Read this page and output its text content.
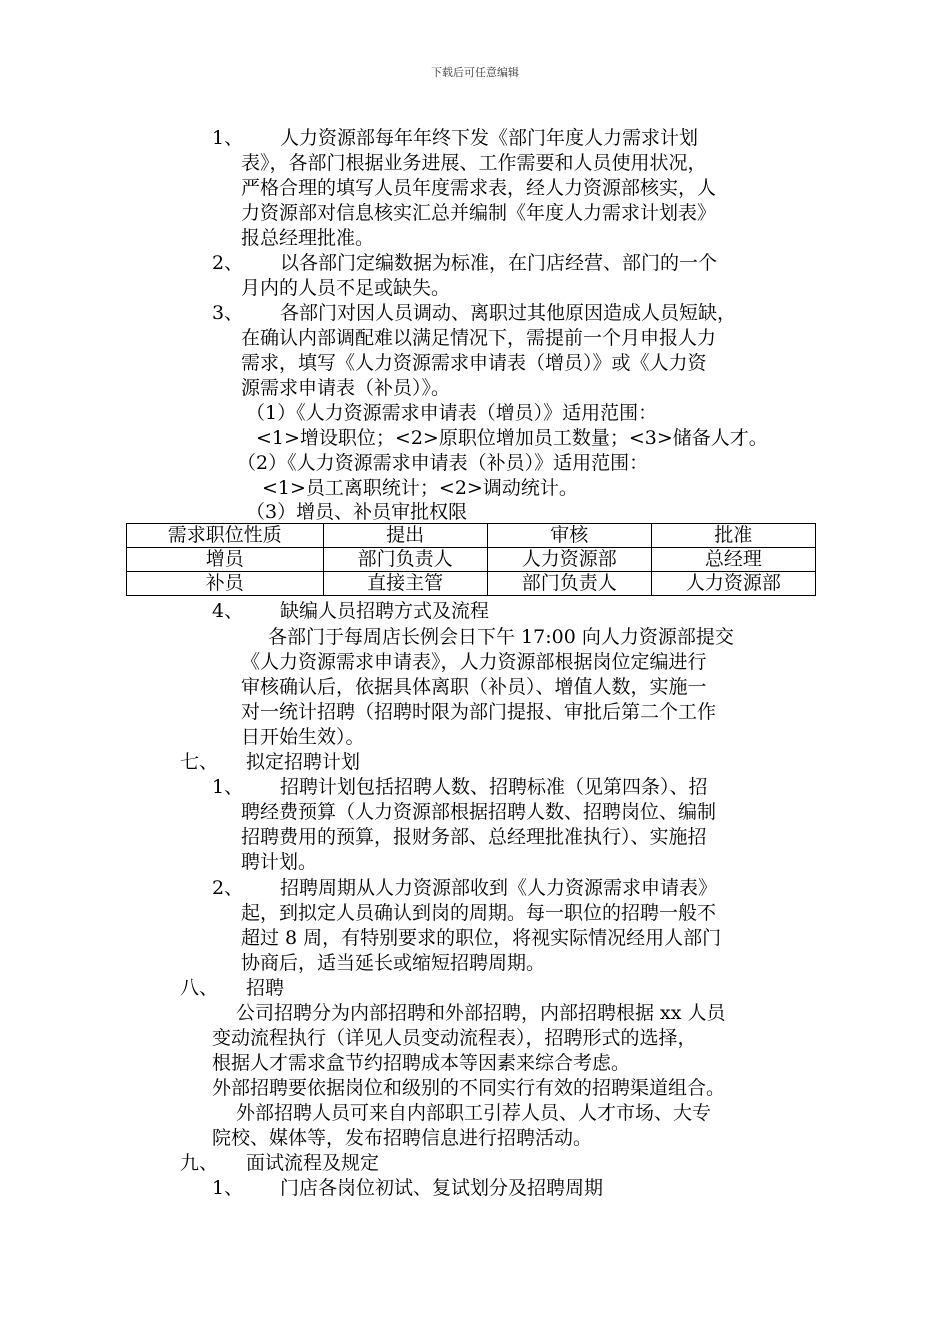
下载后可任意编辑
1、 人力资源部每年年终下发《部门年度人力需求计划
表》，各部门根据业务进展、工作需要和人员使用状况，
严格合理的填写人员年度需求表，经人力资源部核实，人
力资源部对信息核实汇总并编制《年度人力需求计划表》
报总经理批准。
2、 以各部门定编数据为标准，在门店经营、部门的一个
月内的人员不足或缺失。
3、 各部门对因人员调动、离职过其他原因造成人员短缺，
在确认内部调配难以满足情况下，需提前一个月申报人力
需求，填写《人力资源需求申请表（增员）》或《人力资
源需求申请表（补员）》。
（1）《人力资源需求申请表（增员）》适用范围：
<1>增设职位；<2>原职位增加员工数量；<3>储备人才。
（2）《人力资源需求申请表（补员）》适用范围：
<1>员工离职统计；<2>调动统计。
（3）增员、补员审批权限
需求职位性质	提出	审核	批准
增员	部门负责人	人力资源部	总经理
补员	直接主管	部门负责人	人力资源部
4、 缺编人员招聘方式及流程
各部门于每周店长例会日下午 17:00 向人力资源部提交
《人力资源需求申请表》，人力资源部根据岗位定编进行
审核确认后，依据具体离职（补员）、增值人数，实施一
对一统计招聘（招聘时限为部门提报、审批后第二个工作
日开始生效）。
七、 拟定招聘计划
1、 招聘计划包括招聘人数、招聘标准（见第四条）、招
聘经费预算（人力资源部根据招聘人数、招聘岗位、编制
招聘费用的预算，报财务部、总经理批准执行）、实施招
聘计划。
2、 招聘周期从人力资源部收到《人力资源需求申请表》
起，到拟定人员确认到岗的周期。每一职位的招聘一般不
超过 8 周，有特别要求的职位，将视实际情况经用人部门
协商后，适当延长或缩短招聘周期。
八、 招聘
公司招聘分为内部招聘和外部招聘，内部招聘根据 xx 人员
变动流程执行（详见人员变动流程表），招聘形式的选择，
根据人才需求盒节约招聘成本等因素来综合考虑。
外部招聘要依据岗位和级别的不同实行有效的招聘渠道组合。
外部招聘人员可来自内部职工引荐人员、人才市场、大专
院校、媒体等，发布招聘信息进行招聘活动。
九、 面试流程及规定
1、 门店各岗位初试、复试划分及招聘周期
